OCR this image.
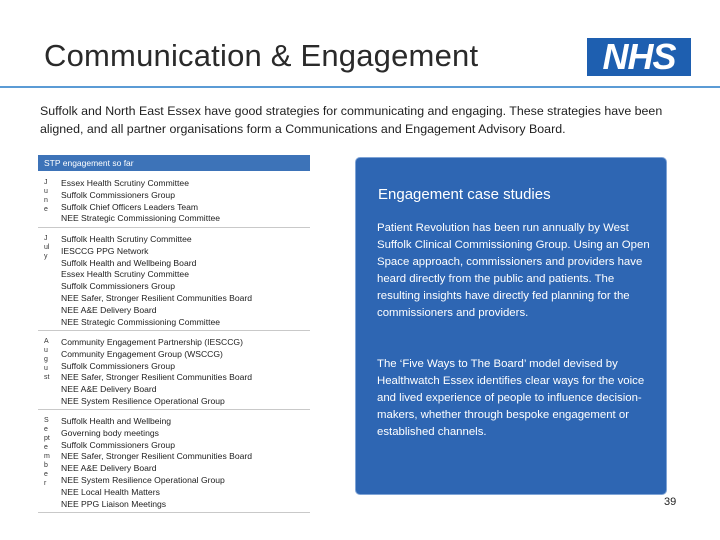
Communication & Engagement	NHS

Suffolk and North East Essex have good strategies for communicating and engaging. These strategies have been aligned, and all partner organisations form a Communications and Engagement Advisory Board.

STP engagement so far
June
Essex Health Scrutiny Committee
Suffolk Commissioners Group
Suffolk Chief Officers Leaders Team
NEE Strategic Commissioning Committee
July
Suffolk Health Scrutiny Committee
IESCCG PPG Network
Suffolk Health and Wellbeing Board
Essex Health Scrutiny Committee
Suffolk Commissioners Group
NEE Safer, Stronger Resilient Communities Board
NEE A&E Delivery Board
NEE Strategic Commissioning Committee
August
Community Engagement Partnership (IESCCG)
Community Engagement Group (WSCCG)
Suffolk Commissioners Group
NEE Safer, Stronger Resilient Communities Board
NEE A&E Delivery Board
NEE System Resilience Operational Group
September
Suffolk Health and Wellbeing
Governing body meetings
Suffolk Commissioners Group
NEE Safer, Stronger Resilient Communities Board
NEE A&E Delivery Board
NEE System Resilience Operational Group
NEE Local Health Matters
NEE PPG Liaison Meetings
Engagement case studies

Patient Revolution has been run annually by West Suffolk Clinical Commissioning Group. Using an Open Space approach, commissioners and providers have heard directly from the public and patients. The resulting insights have directly fed planning for the commissioners and providers.

The ‘Five Ways to The Board’ model devised by Healthwatch Essex identifies clear ways for the voice and lived experience of people to influence decision-makers, whether through bespoke engagement or established channels.

39
